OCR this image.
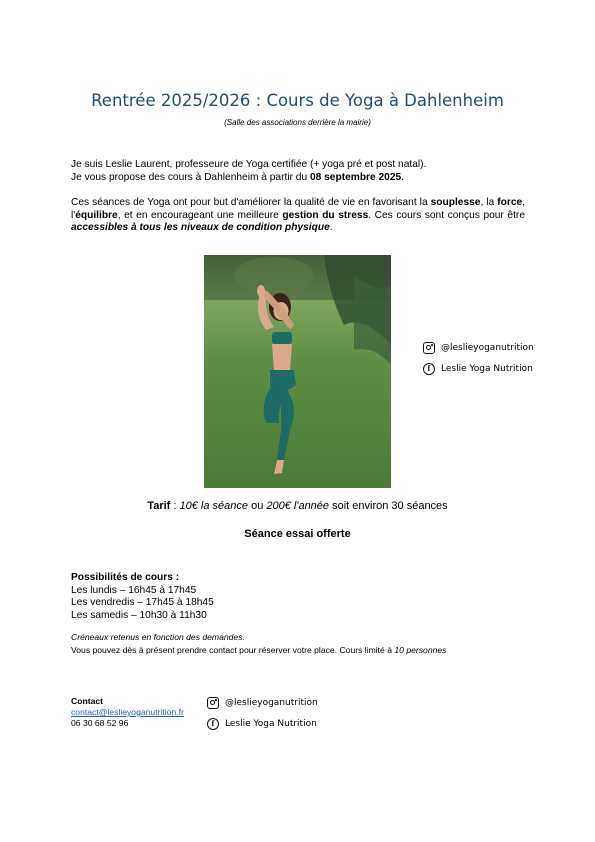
Rentrée 2025/2026 : Cours de Yoga à Dahlenheim
(Salle des associations derrière la mairie)
Je suis Leslie Laurent, professeure de Yoga certifiée (+ yoga pré et post natal).
Je vous propose des cours à Dahlenheim à partir du 08 septembre 2025.
Ces séances de Yoga ont pour but d'améliorer la qualité de vie en favorisant la souplesse, la force, l'équilibre, et en encourageant une meilleure gestion du stress. Ces cours sont conçus pour être accessibles à tous les niveaux de condition physique.
@leslieyoganutrition
f	Leslie Yoga Nutrition
Tarif : 10€ la séance ou 200€ l'année soit environ 30 séances
Séance essai offerte
Possibilités de cours :
Les lundis – 16h45 à 17h45
Les vendredis – 17h45 à 18h45
Les samedis – 10h30 à 11h30
Créneaux retenus en fonction des demandes.
Vous pouvez dès à présent prendre contact pour réserver votre place. Cours limité à 10 personnes
Contact
contact@leslieyoganutrition.fr
06 30 68 52 96
@leslieyoganutrition
f	Leslie Yoga Nutrition
